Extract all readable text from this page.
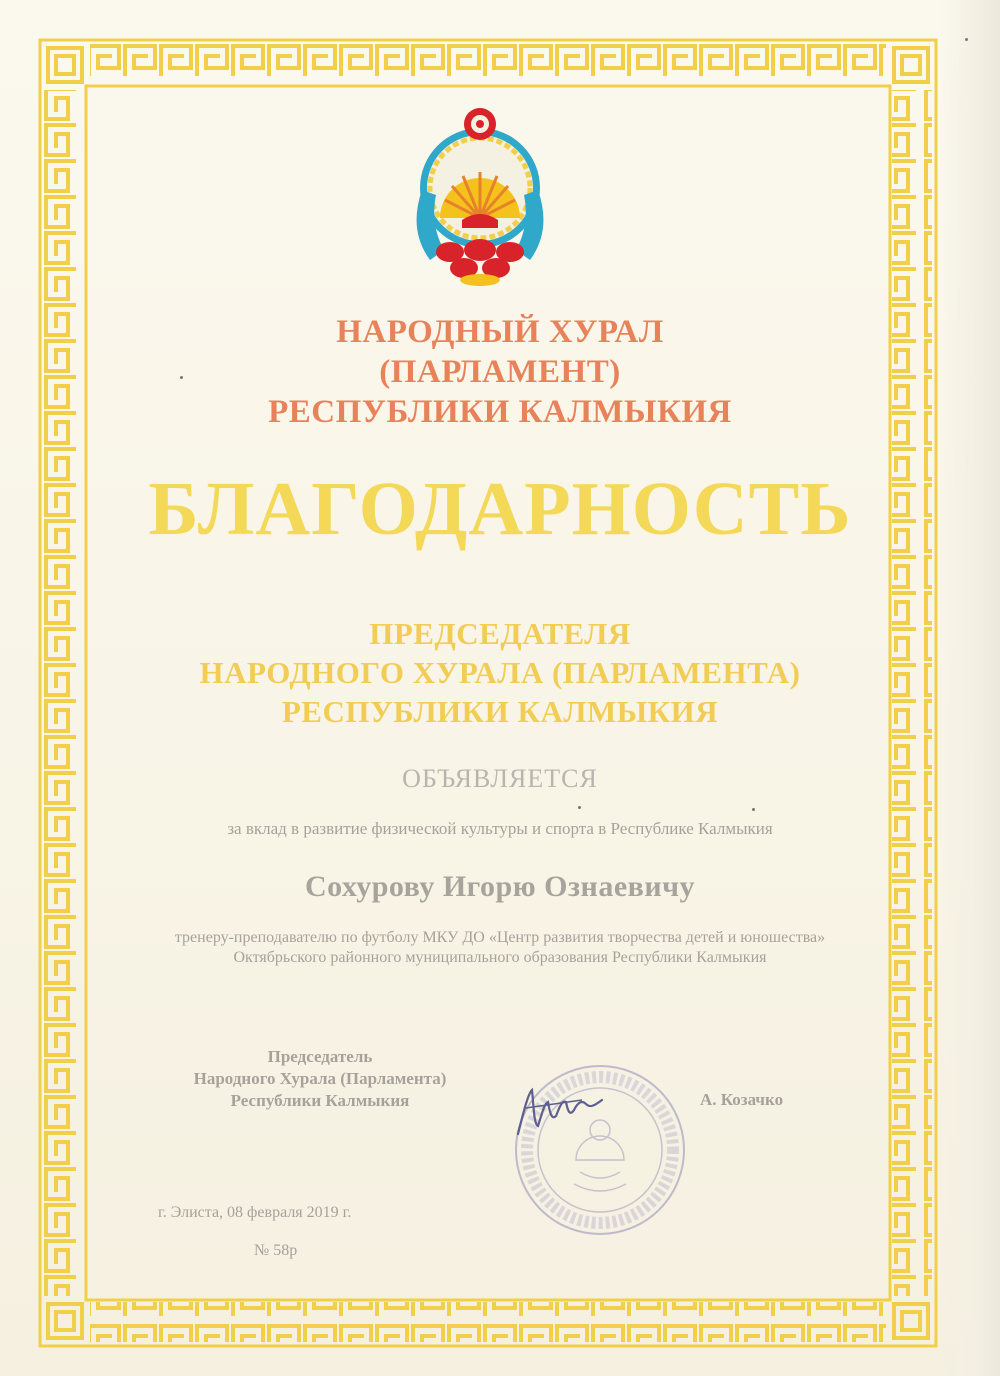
НАРОДНЫЙ ХУРАЛ
(ПАРЛАМЕНТ)
РЕСПУБЛИКИ КАЛМЫКИЯ
БЛАГОДАРНОСТЬ
ПРЕДСЕДАТЕЛЯ
НАРОДНОГО ХУРАЛА (ПАРЛАМЕНТА)
РЕСПУБЛИКИ КАЛМЫКИЯ
ОБЪЯВЛЯЕТСЯ
за вклад в развитие физической культуры и спорта в Республике Калмыкия
Сохурову Игорю Ознаевичу
тренеру-преподавателю по футболу МКУ ДО «Центр развития творчества детей и юношества»
Октябрьского районного муниципального образования Республики Калмыкия
Председатель
Народного Хурала (Парламента)
Республики Калмыкия	А. Козачко
г. Элиста, 08 февраля 2019 г.
№ 58р
